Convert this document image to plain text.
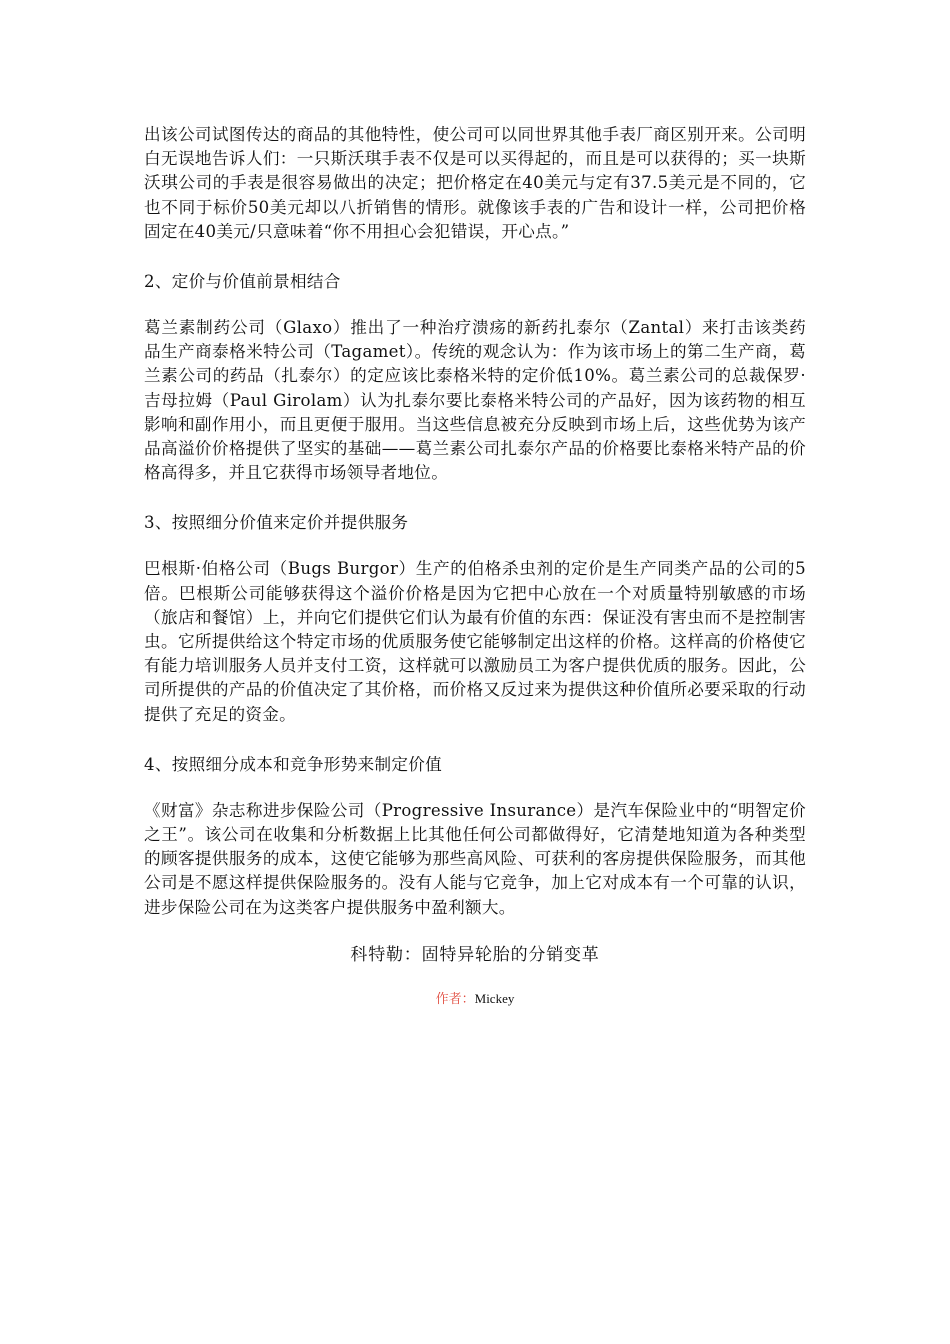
出该公司试图传达的商品的其他特性，使公司可以同世界其他手表厂商区别开来。公司明白无误地告诉人们：一只斯沃琪手表不仅是可以买得起的，而且是可以获得的；买一块斯沃琪公司的手表是很容易做出的决定；把价格定在40美元与定有37.5美元是不同的，它也不同于标价50美元却以八折销售的情形。就像该手表的广告和设计一样，公司把价格固定在40美元/只意味着“你不用担心会犯错误，开心点。”

2、定价与价值前景相结合

葛兰素制药公司（Glaxo）推出了一种治疗溃疡的新药扎泰尔（Zantal）来打击该类药品生产商泰格米特公司（Tagamet）。传统的观念认为：作为该市场上的第二生产商，葛兰素公司的药品（扎泰尔）的定应该比泰格米特的定价低10%。葛兰素公司的总裁保罗·吉母拉姆（Paul Girolam）认为扎泰尔要比泰格米特公司的产品好，因为该药物的相互影响和副作用小，而且更便于服用。当这些信息被充分反映到市场上后，这些优势为该产品高溢价价格提供了坚实的基础——葛兰素公司扎泰尔产品的价格要比泰格米特产品的价格高得多，并且它获得市场领导者地位。

3、按照细分价值来定价并提供服务

巴根斯·伯格公司（Bugs Burgor）生产的伯格杀虫剂的定价是生产同类产品的公司的5倍。巴根斯公司能够获得这个溢价价格是因为它把中心放在一个对质量特别敏感的市场（旅店和餐馆）上，并向它们提供它们认为最有价值的东西：保证没有害虫而不是控制害虫。它所提供给这个特定市场的优质服务使它能够制定出这样的价格。这样高的价格使它有能力培训服务人员并支付工资，这样就可以激励员工为客户提供优质的服务。因此，公司所提供的产品的价值决定了其价格，而价格又反过来为提供这种价值所必要采取的行动提供了充足的资金。

4、按照细分成本和竞争形势来制定价值

《财富》杂志称进步保险公司（Progressive Insurance）是汽车保险业中的“明智定价之王”。该公司在收集和分析数据上比其他任何公司都做得好，它清楚地知道为各种类型的顾客提供服务的成本，这使它能够为那些高风险、可获利的客房提供保险服务，而其他公司是不愿这样提供保险服务的。没有人能与它竞争，加上它对成本有一个可靠的认识，进步保险公司在为这类客户提供服务中盈利额大。

科特勒：固特异轮胎的分销变革

作者：Mickey
